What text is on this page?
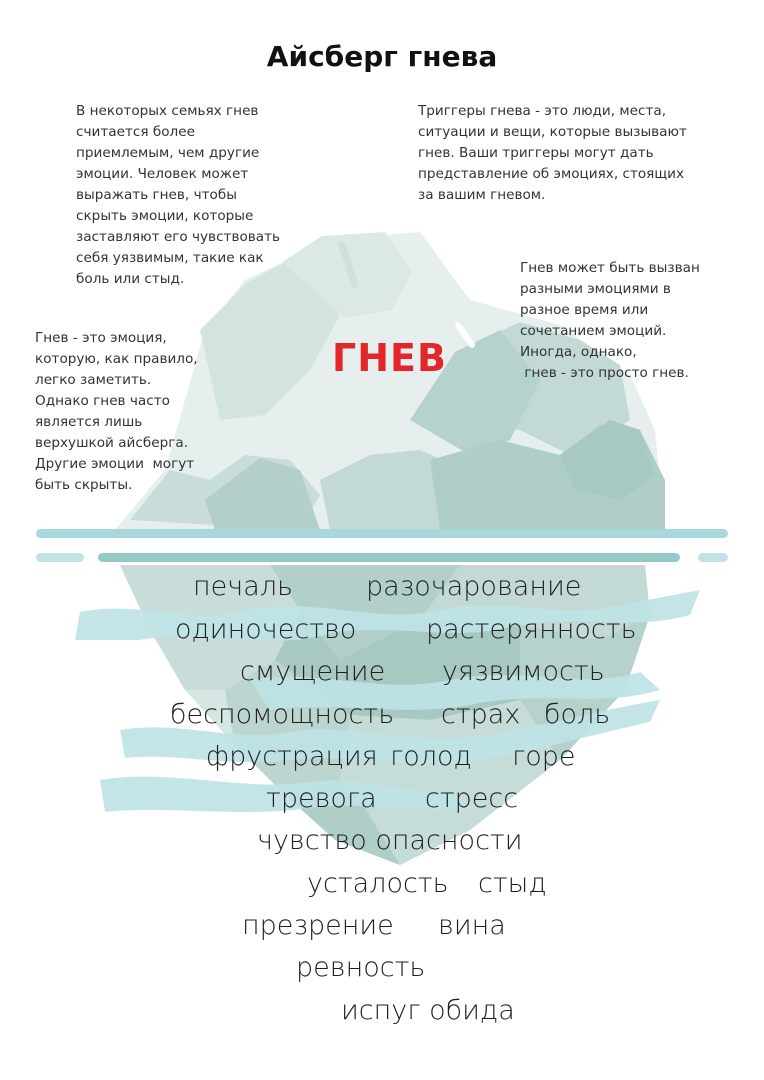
Айсберг гнева
В некоторых семьях гнев
считается более
приемлемым, чем другие
эмоции. Человек может
выражать гнев, чтобы
скрыть эмоции, которые
заставляют его чувствовать
себя уязвимым, такие как
боль или стыд.
Триггеры гнева - это люди, места,
ситуации и вещи, которые вызывают
гнев. Ваши триггеры могут дать
представление об эмоциях, стоящих
за вашим гневом.
Гнев - это эмоция,
которую, как правило,
легко заметить.
Однако гнев часто
является лишь
верхушкой айсберга.
Другие эмоции  могут
быть скрыты.
Гнев может быть вызван
разными эмоциями в
разное время или
сочетанием эмоций.
Иногда, однако,
гнев - это просто гнев.
ГНЕВ
печаль	разочарование
одиночество	растерянность
смущение уязвимость
беспомощность страх боль
фрустрация голод горе
тревога стресс
чувство опасности
усталость стыд
презрение вина
ревность
испуг обида
